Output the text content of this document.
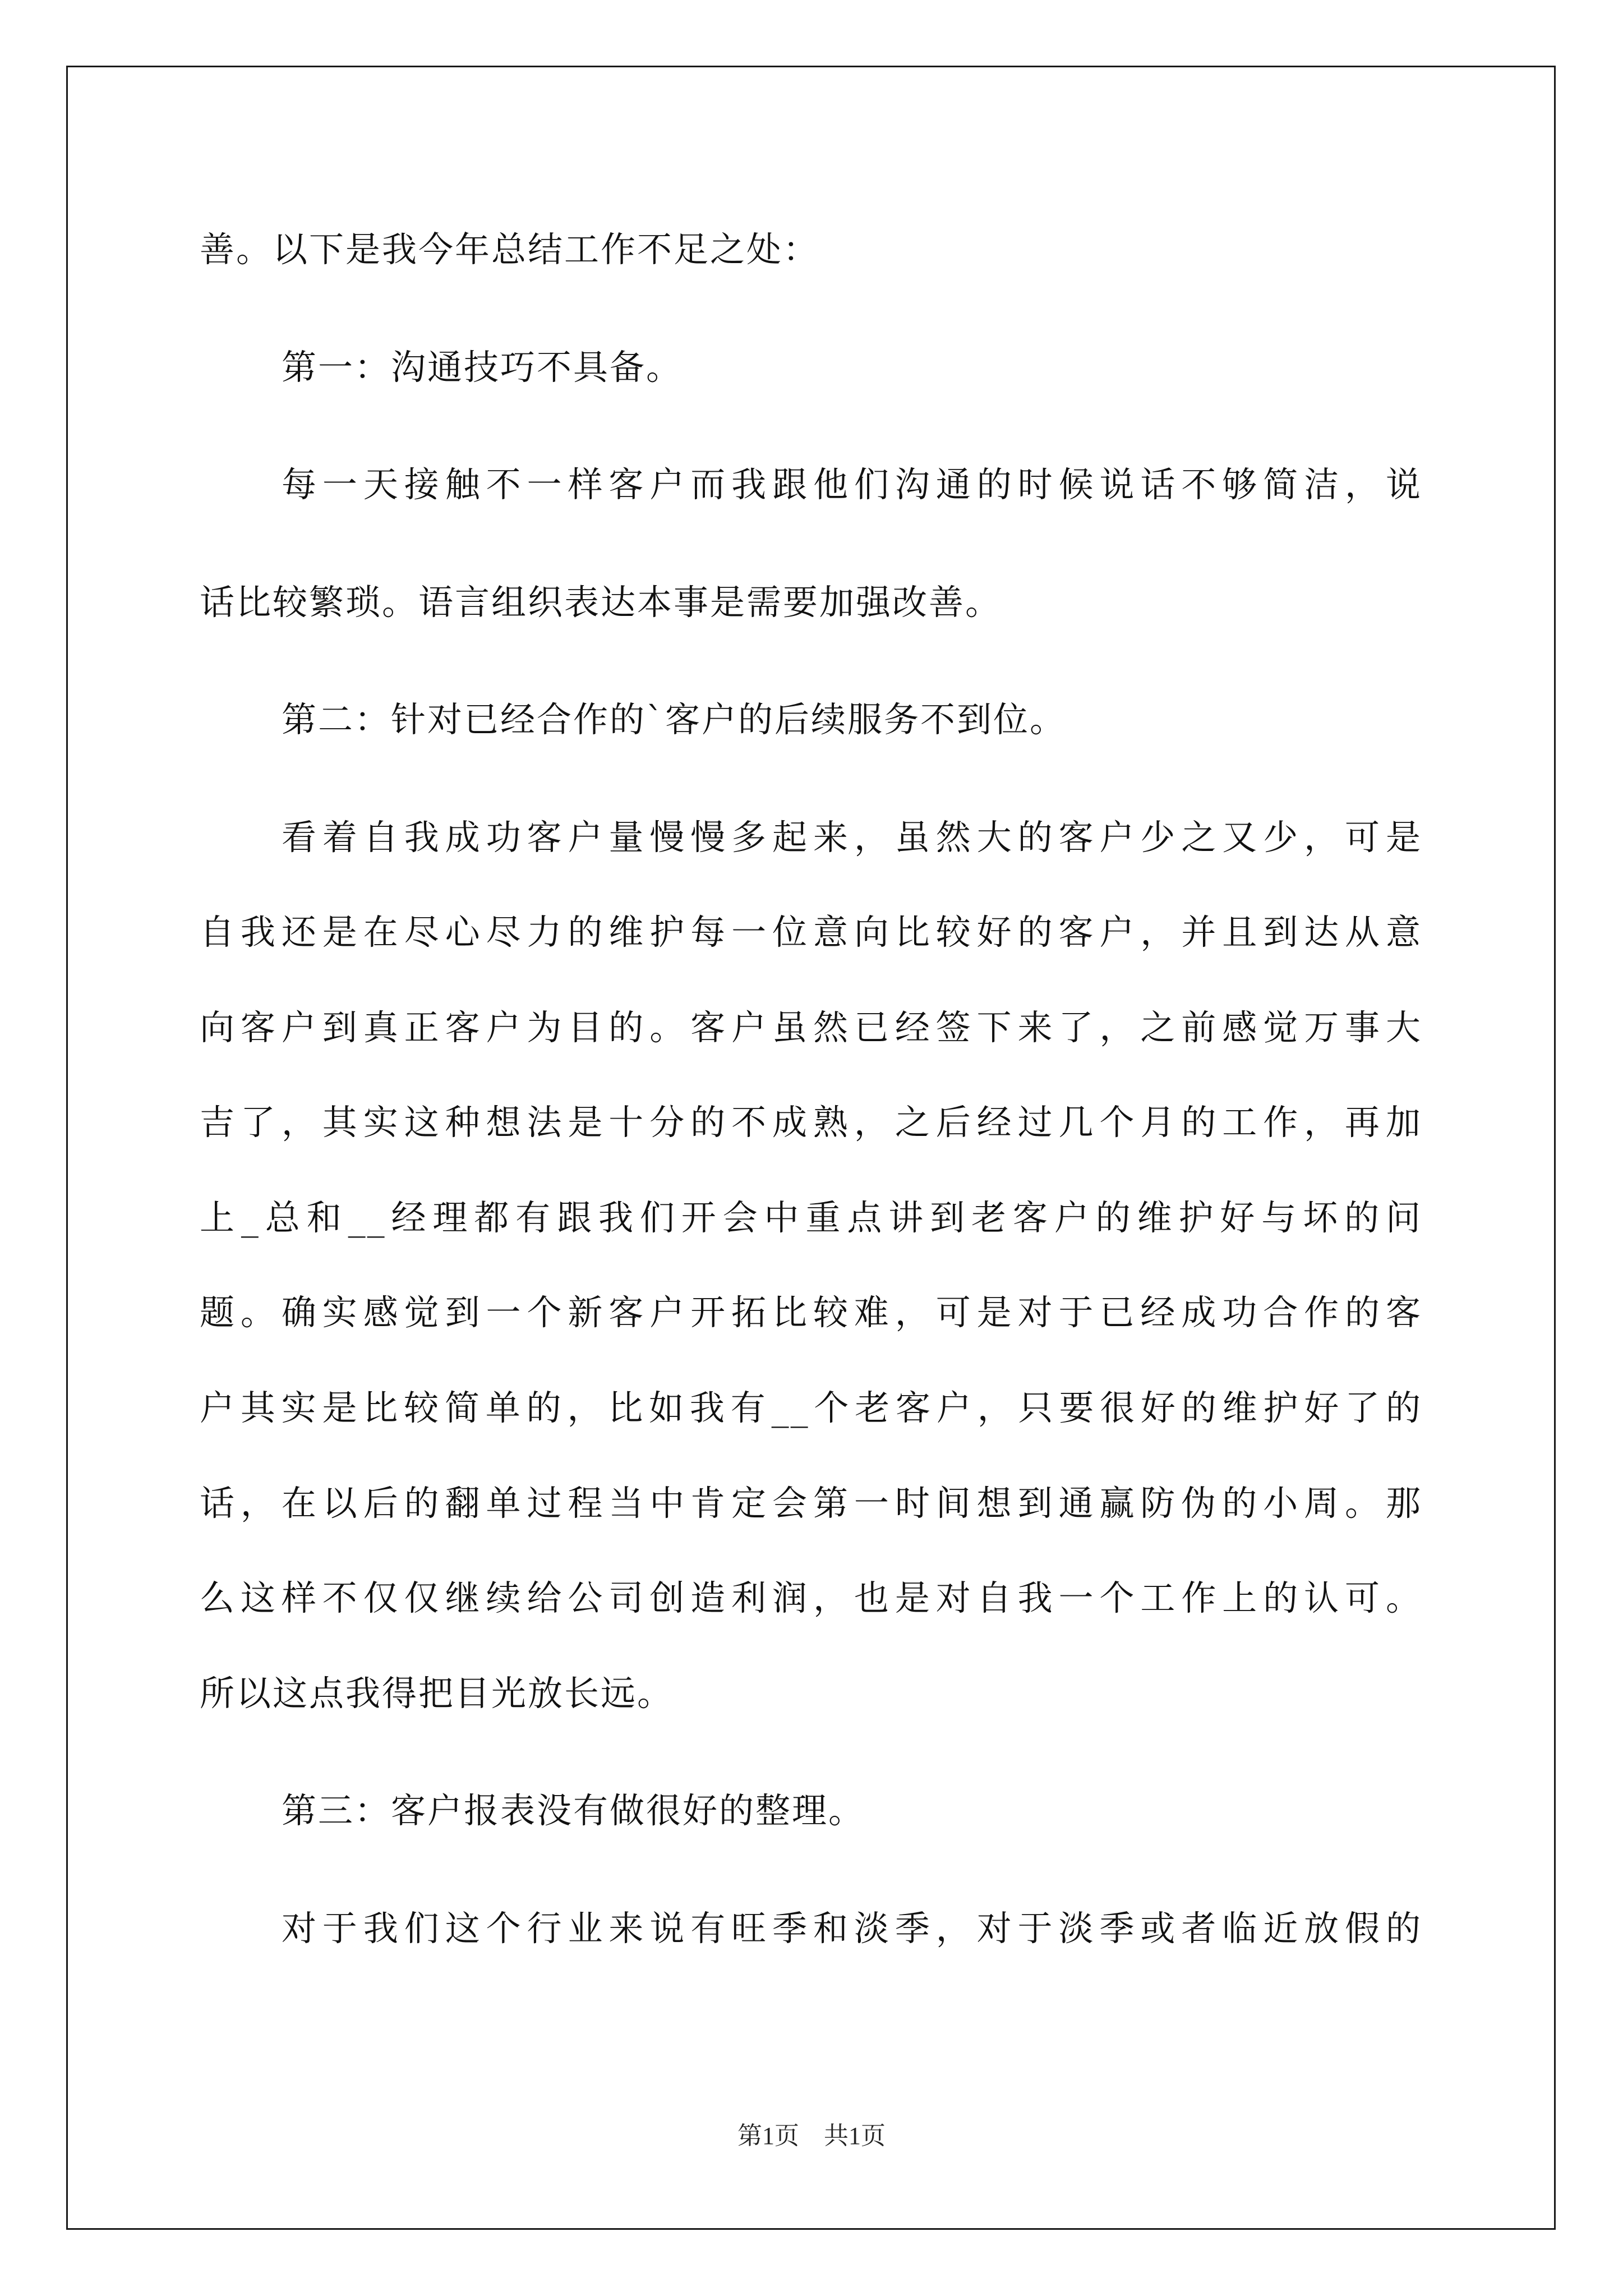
善。以下是我今年总结工作不足之处：
第一：沟通技巧不具备。
每一天接触不一样客户而我跟他们沟通的时候说话不够简洁，说
话比较繁琐。语言组织表达本事是需要加强改善。
第二：针对已经合作的`客户的后续服务不到位。
看着自我成功客户量慢慢多起来，虽然大的客户少之又少，可是
自我还是在尽心尽力的维护每一位意向比较好的客户，并且到达从意
向客户到真正客户为目的。客户虽然已经签下来了，之前感觉万事大
吉了，其实这种想法是十分的不成熟，之后经过几个月的工作，再加
上_总和__经理都有跟我们开会中重点讲到老客户的维护好与坏的问
题。确实感觉到一个新客户开拓比较难，可是对于已经成功合作的客
户其实是比较简单的，比如我有__个老客户，只要很好的维护好了的
话，在以后的翻单过程当中肯定会第一时间想到通赢防伪的小周。那
么这样不仅仅继续给公司创造利润，也是对自我一个工作上的认可。
所以这点我得把目光放长远。
第三：客户报表没有做很好的整理。
对于我们这个行业来说有旺季和淡季，对于淡季或者临近放假的
第1页 共1页
